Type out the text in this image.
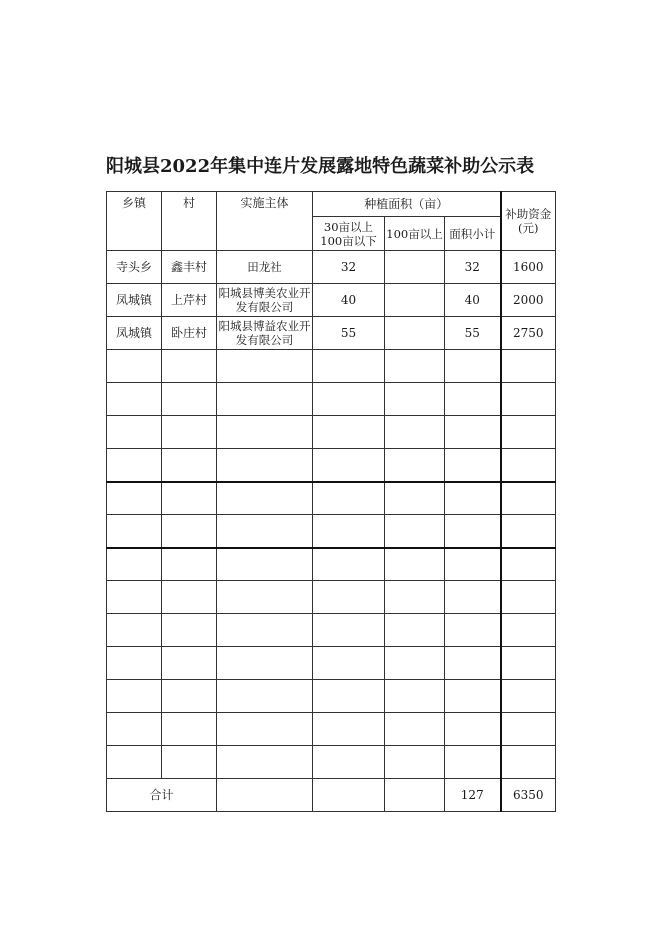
阳城县2022年集中连片发展露地特色蔬菜补助公示表
乡镇	村	实施主体	种植面积（亩）			补助资金(元)
			30亩以上100亩以下	100亩以上	面积小计	
寺头乡	鑫丰村	田龙社	32		32	1600
凤城镇	上芹村	阳城县博美农业开发有限公司	40		40	2000
凤城镇	卧庄村	阳城县博益农业开发有限公司	55		55	2750

合计					127	6350
